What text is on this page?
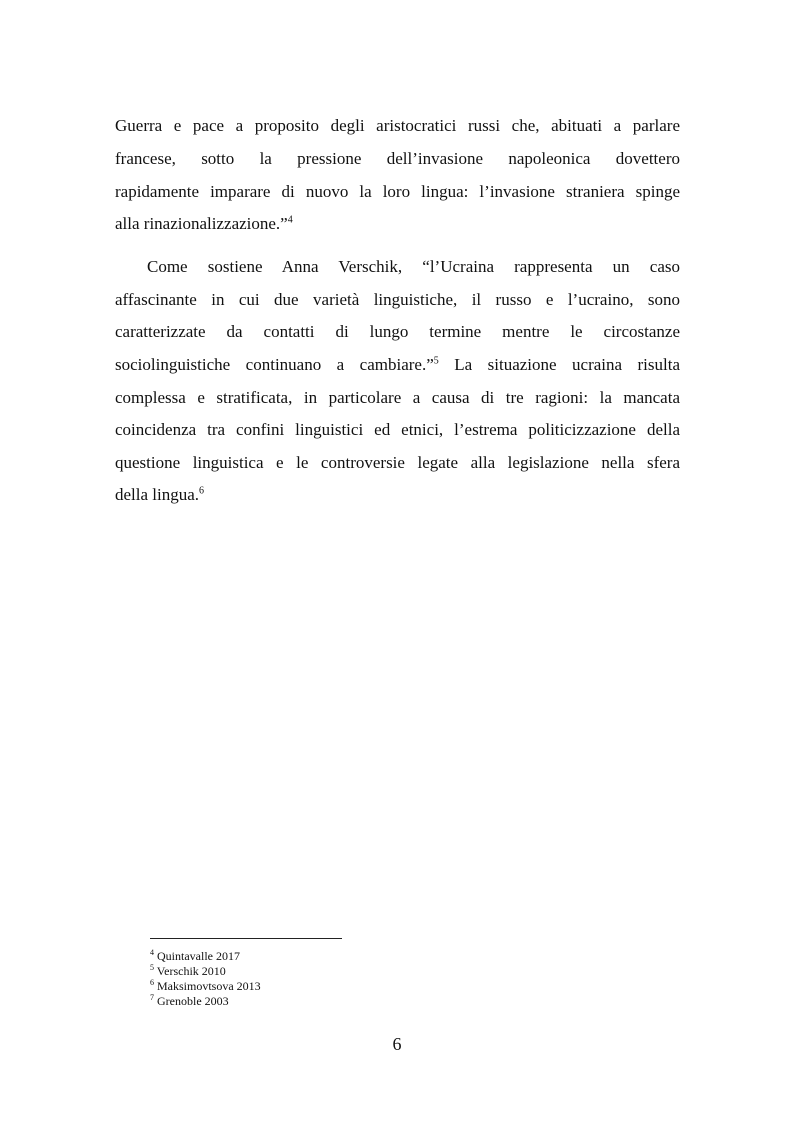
Guerra e pace a proposito degli aristocratici russi che, abituati a parlare
francese, sotto la pressione dell’invasione napoleonica dovettero
rapidamente imparare di nuovo la loro lingua: l’invasione straniera spinge
alla rinazionalizzazione.”$^4$
Come sostiene Anna Verschik, “l’Ucraina rappresenta un caso
affascinante in cui due varietà linguistiche, il russo e l’ucraino, sono
caratterizzate da contatti di lungo termine mentre le circostanze
sociolinguistiche continuano a cambiare.”$^5$ La situazione ucraina risulta
complessa e stratificata, in particolare a causa di tre ragioni: la mancata
coincidenza tra confini linguistici ed etnici, l’estrema politicizzazione della
questione linguistica e le controversie legate alla legislazione nella sfera
della lingua.$^6$
$^4$ Quintavalle 2017
$^5$ Verschik 2010
$^6$ Maksimovtsova 2013
$^7$ Grenoble 2003
6
